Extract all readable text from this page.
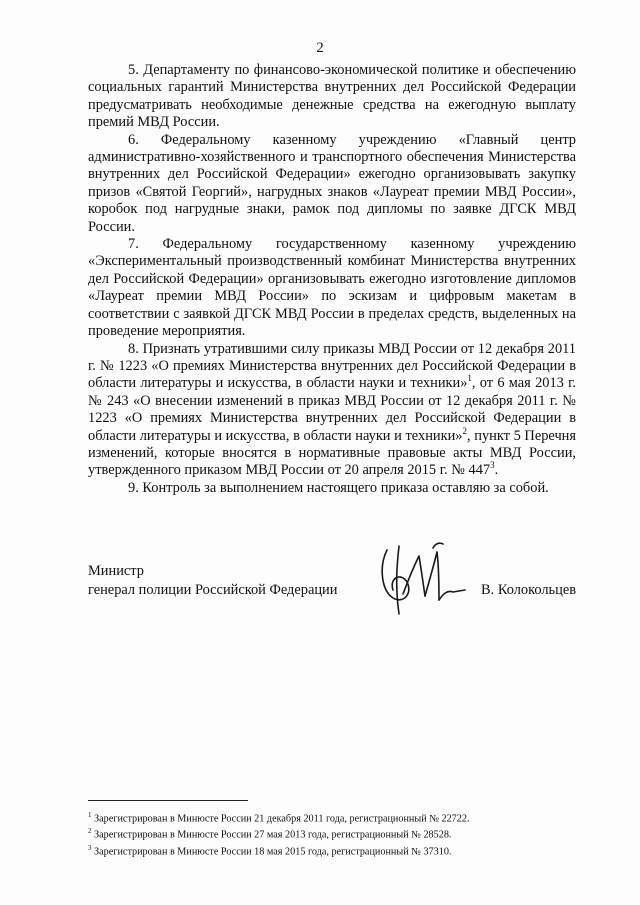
2

5. Департаменту по финансово-экономической политике и обеспечению социальных гарантий Министерства внутренних дел Российской Федерации предусматривать необходимые денежные средства на ежегодную выплату премий МВД России.

6. Федеральному казенному учреждению «Главный центр административно-хозяйственного и транспортного обеспечения Министерства внутренних дел Российской Федерации» ежегодно организовывать закупку призов «Святой Георгий», нагрудных знаков «Лауреат премии МВД России», коробок под нагрудные знаки, рамок под дипломы по заявке ДГСК МВД России.

7. Федеральному государственному казенному учреждению «Экспериментальный производственный комбинат Министерства внутренних дел Российской Федерации» организовывать ежегодно изготовление дипломов «Лауреат премии МВД России» по эскизам и цифровым макетам в соответствии с заявкой ДГСК МВД России в пределах средств, выделенных на проведение мероприятия.

8. Признать утратившими силу приказы МВД России от 12 декабря 2011 г. № 1223 «О премиях Министерства внутренних дел Российской Федерации в области литературы и искусства, в области науки и техники»$^1$, от 6 мая 2013 г. № 243 «О внесении изменений в приказ МВД России от 12 декабря 2011 г. № 1223 «О премиях Министерства внутренних дел Российской Федерации в области литературы и искусства, в области науки и техники»$^2$, пункт 5 Перечня изменений, которые вносятся в нормативные правовые акты МВД России, утвержденного приказом МВД России от 20 апреля 2015 г. № $447^3$.

9. Контроль за выполнением настоящего приказа оставляю за собой.

Министр
генерал полиции Российской Федерации	В. Колокольцев

$^1$ Зарегистрирован в Минюсте России 21 декабря 2011 года, регистрационный № 22722.

$^2$ Зарегистрирован в Минюсте России 27 мая 2013 года, регистрационный № 28528.

$^3$ Зарегистрирован в Минюсте России 18 мая 2015 года, регистрационный № 37310.
